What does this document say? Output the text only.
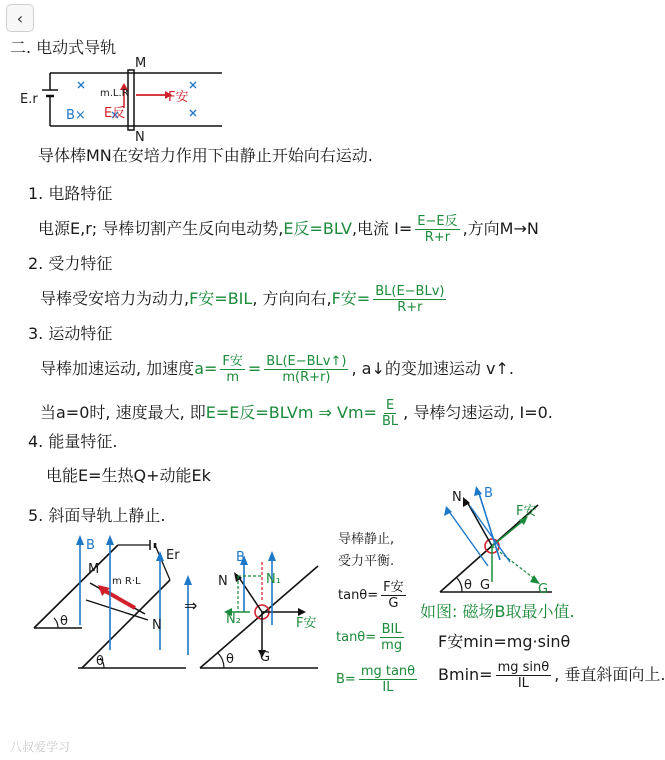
‹
二. 电动式导轨
M
N
E.r
B×
m.L.R	F安
E反
导体棒MN在安培力作用下由静止开始向右运动.
1. 电路特征
电源E,r; 导棒切割产生反向电动势,E反=BLV,电流 $I= \frac{\text{E−E反}}{R+r}$ ,方向M→N
2. 受力特征
导棒受安培力为动力,F安=BIL, 方向向右,F安= $\frac{\text{BL(E−BLv)}}{R+r}$
3. 运动特征
导棒加速运动, 加速度$a= \frac{\text{F安}}{m} = \frac{\text{BL(E−BLv↑)}}{m(R+r)}$ , a↓的变加速运动 v↑.
当a=0时, 速度最大, 即E=E反=BLVm ⇒ $Vm= \frac{E}{BL}$ , 导棒匀速运动, I=0.
4. 能量特征.
电能E=生热Q+动能Ek
5. 斜面导轨上静止.
B
Er
M
N
m R·L
θ
θ
⇒
B
N	N₁
N₂	F安
G
θ
导棒静止,
受力平衡.
$\tan\theta= \frac{\text{F安}}{G}$
$\tan\theta= \frac{\text{BIL}}{mg}$
$B= \frac{\text{mg tanθ}}{IL}$
N B
F安
G	G
θ
如图: 磁场B取最小值.
F安min=mg·sinθ
$Bmin= \frac{\text{mg sinθ}}{IL}$ , 垂直斜面向上.
八叔爱学习
